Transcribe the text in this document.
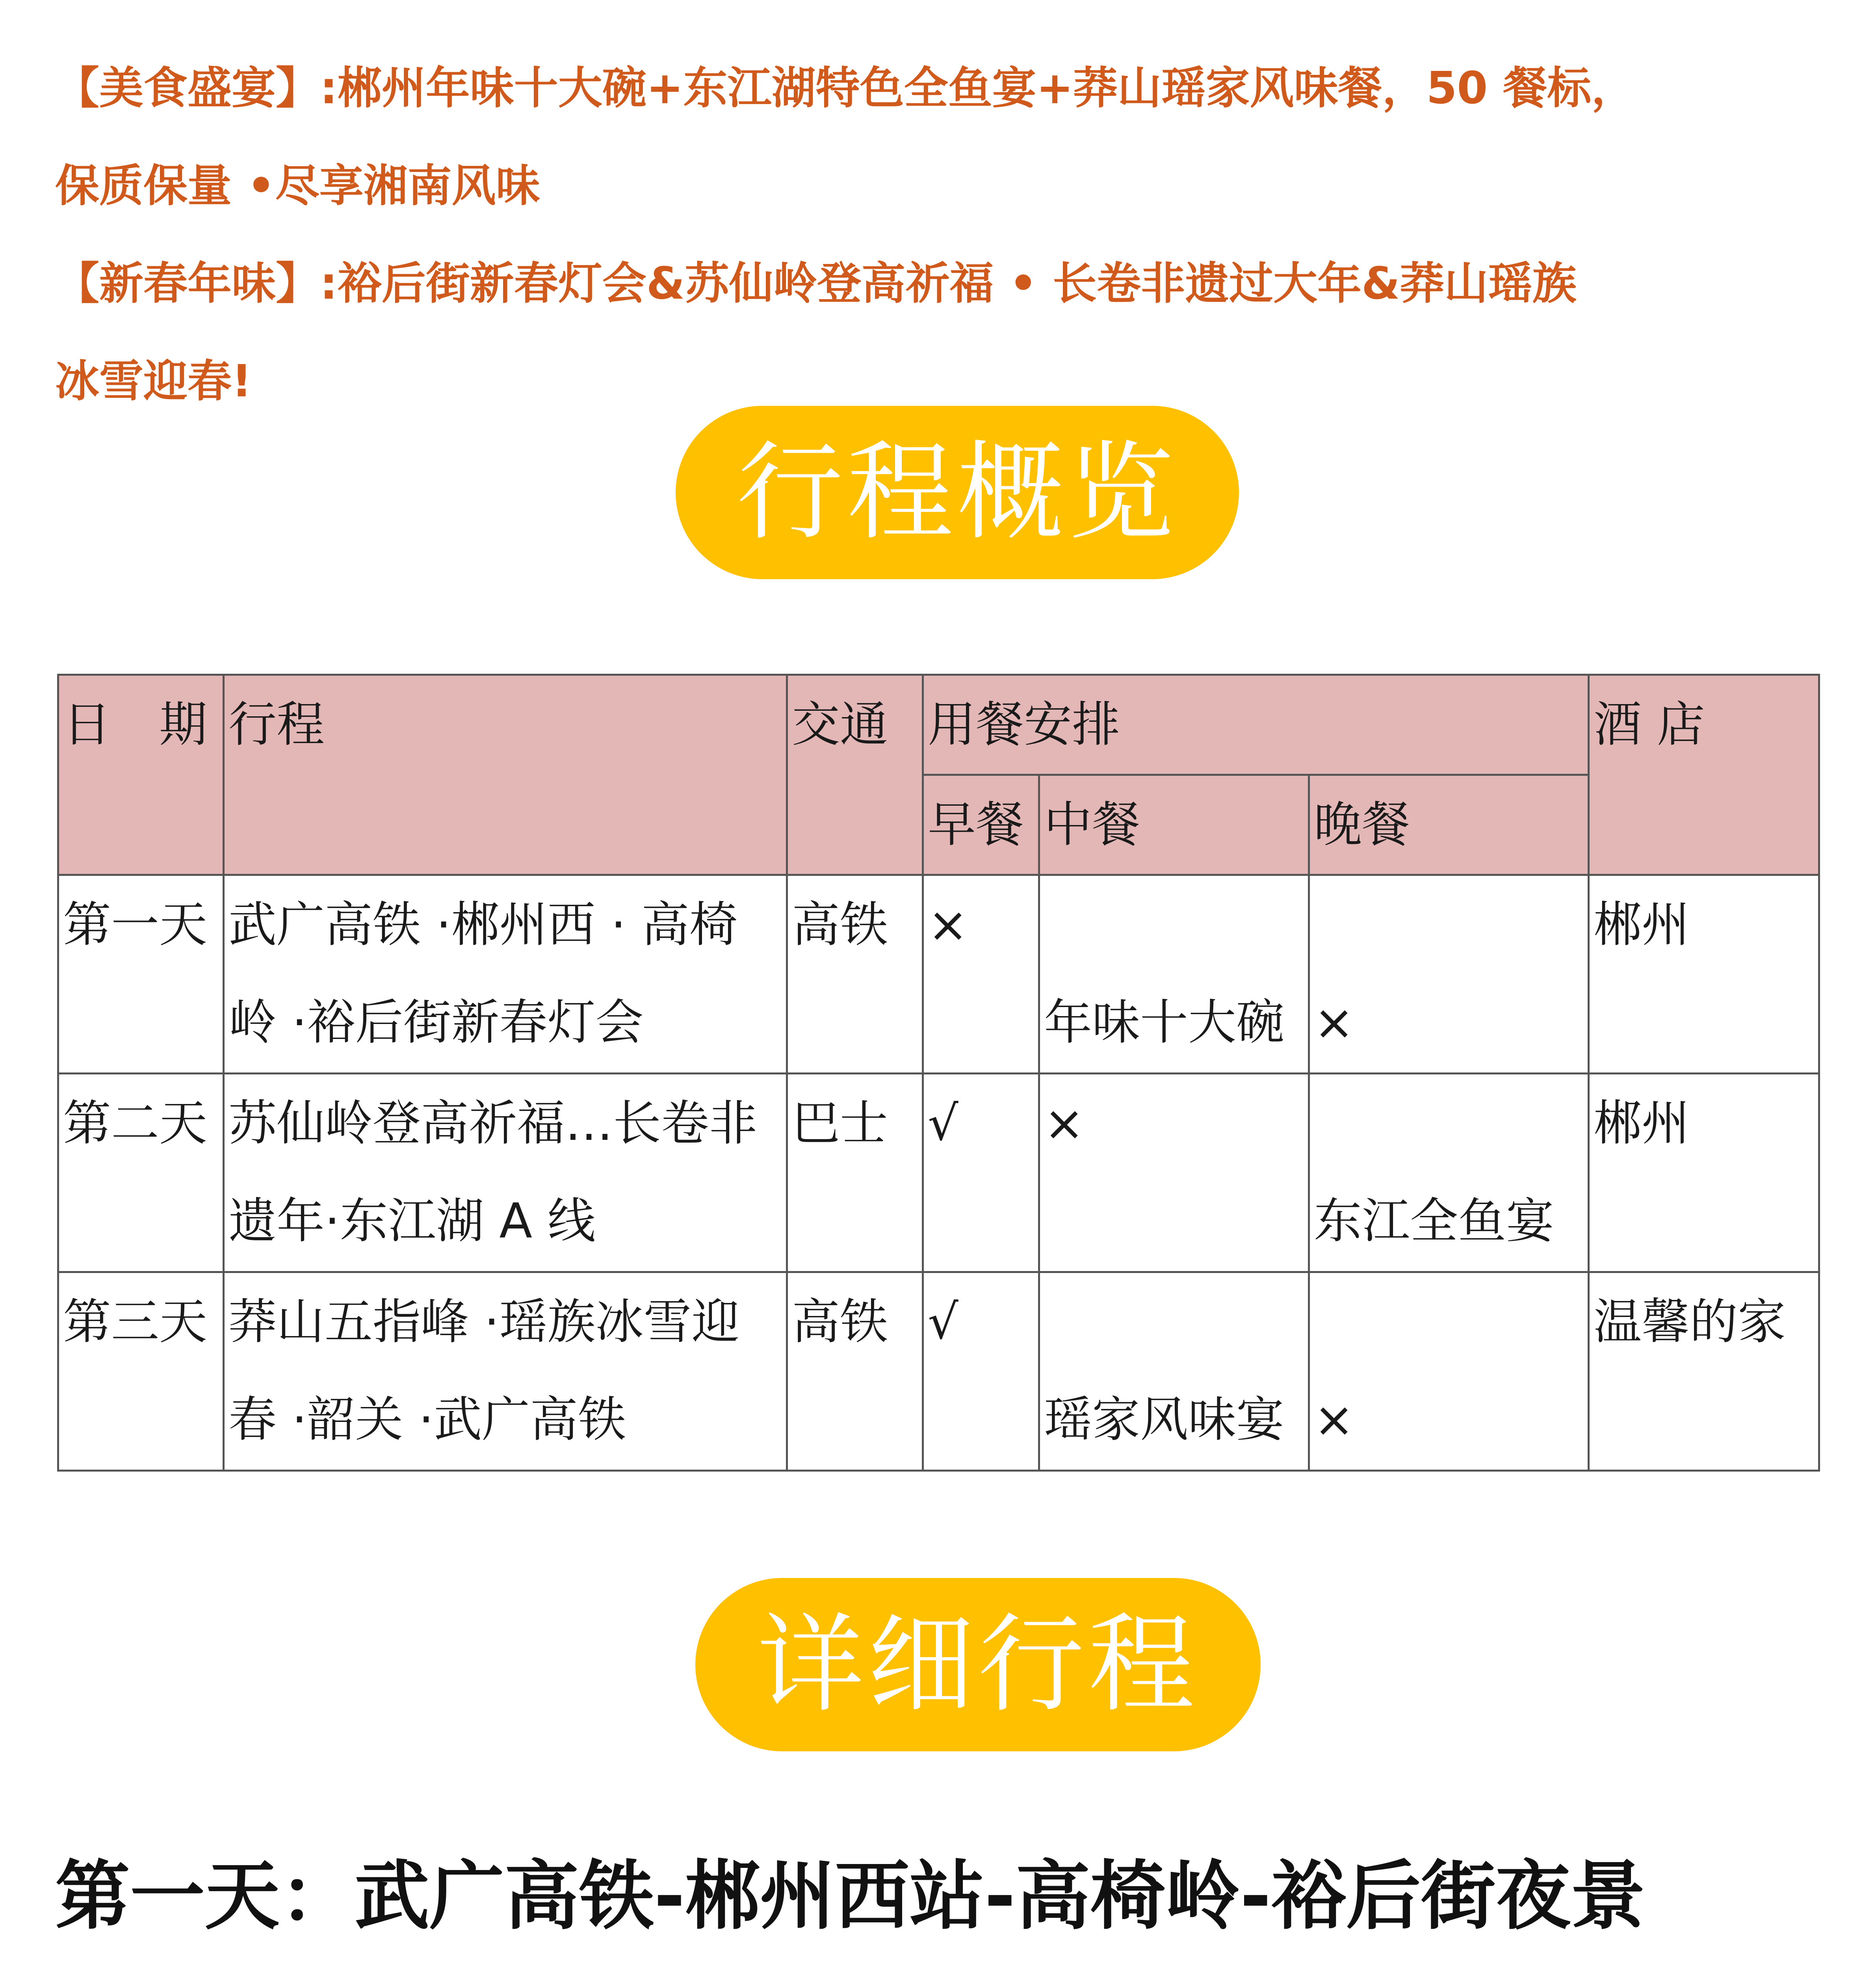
【美食盛宴】:郴州年味十大碗+东江湖特色全鱼宴+莽山瑶家风味餐，50 餐标，
保质保量 •尽享湘南风味
【新春年味】:裕后街新春灯会&苏仙岭登高祈福 • 长卷非遗过大年&莽山瑶族
冰雪迎春!
行程概览
日　期	行程	交通	用餐安排			酒 店
			早餐	中餐	晚餐	
第一天	武广高铁 ·郴州西 · 高椅
岭 ·裕后街新春灯会	高铁	×	年味十大碗	×	郴州
第二天	苏仙岭登高祈福…长卷非
遗年·东江湖 A 线	巴士	√	×	东江全鱼宴	郴州
第三天	莽山五指峰 ·瑶族冰雪迎
春 ·韶关 ·武广高铁	高铁	√	瑶家风味宴	×	温馨的家
详细行程
第一天：武广高铁-郴州西站-高椅岭-裕后街夜景
